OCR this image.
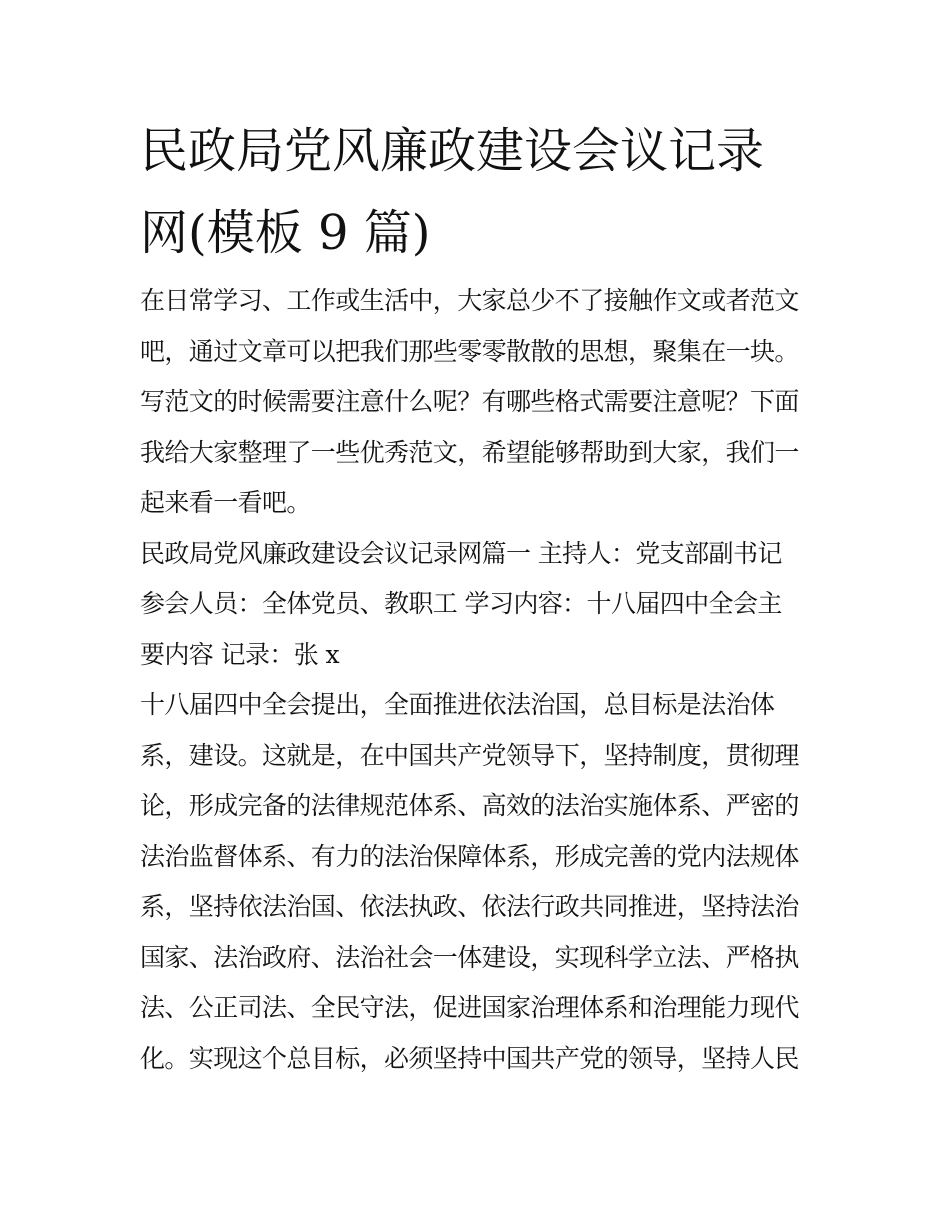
民政局党风廉政建设会议记录
网(模板 9 篇)

在日常学习、工作或生活中，大家总少不了接触作文或者范文
吧，通过文章可以把我们那些零零散散的思想，聚集在一块。
写范文的时候需要注意什么呢？有哪些格式需要注意呢？下面
我给大家整理了一些优秀范文，希望能够帮助到大家，我们一
起来看一看吧。

民政局党风廉政建设会议记录网篇一 主持人：党支部副书记
参会人员：全体党员、教职工 学习内容：十八届四中全会主
要内容 记录：张 x

十八届四中全会提出，全面推进依法治国，总目标是法治体
系，建设。这就是，在中国共产党领导下，坚持制度，贯彻理
论，形成完备的法律规范体系、高效的法治实施体系、严密的
法治监督体系、有力的法治保障体系，形成完善的党内法规体
系，坚持依法治国、依法执政、依法行政共同推进，坚持法治
国家、法治政府、法治社会一体建设，实现科学立法、严格执
法、公正司法、全民守法，促进国家治理体系和治理能力现代
化。实现这个总目标，必须坚持中国共产党的领导，坚持人民
